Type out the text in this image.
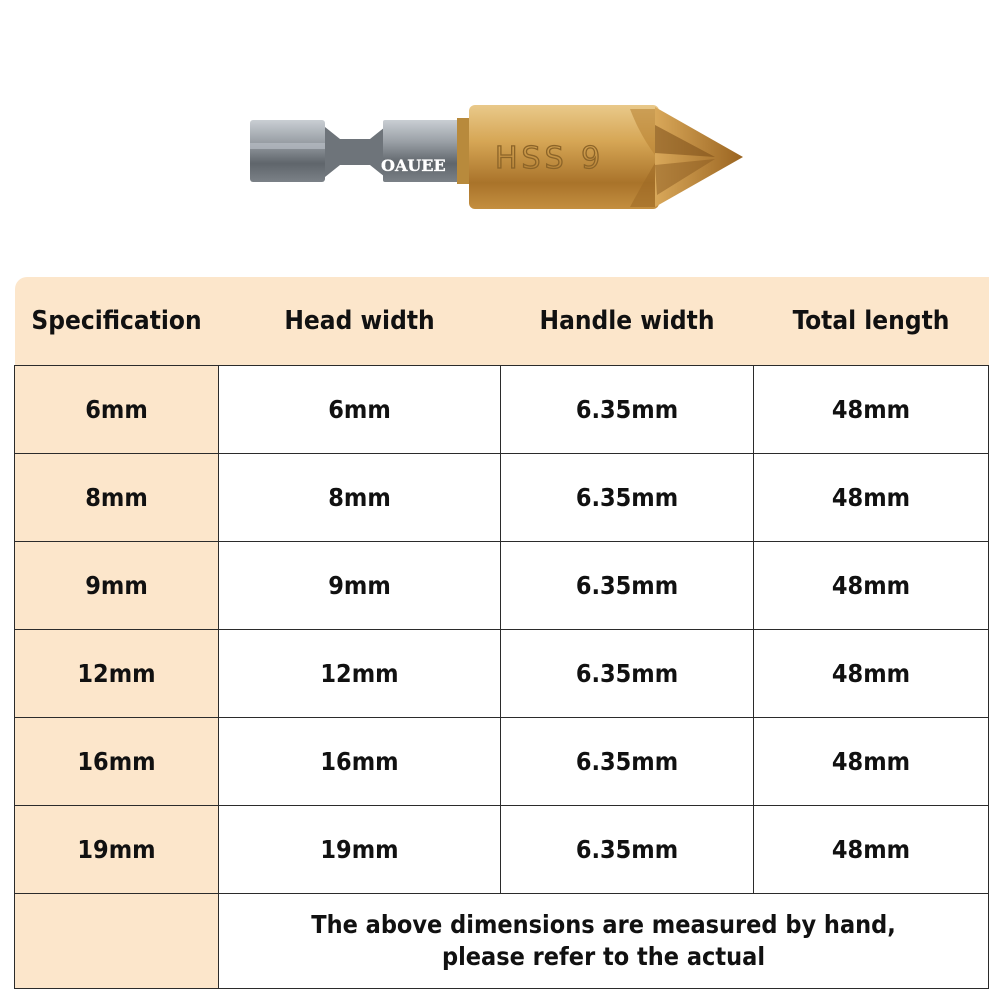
HSS 9
OAUEE
Specification	Head width	Handle width	Total length
6mm	6mm	6.35mm	48mm
8mm	8mm	6.35mm	48mm
9mm	9mm	6.35mm	48mm
12mm	12mm	6.35mm	48mm
16mm	16mm	6.35mm	48mm
19mm	19mm	6.35mm	48mm

	The above dimensions are measured by hand,
please refer to the actual		
